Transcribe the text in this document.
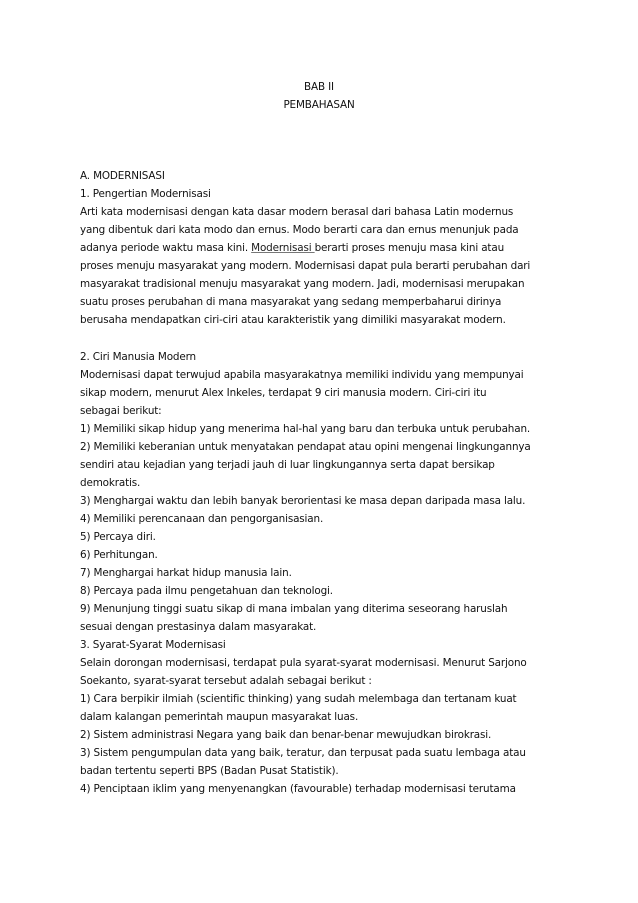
BAB II
PEMBAHASAN
A. MODERNISASI
1. Pengertian Modernisasi
Arti kata modernisasi dengan kata dasar modern berasal dari bahasa Latin modernus
yang dibentuk dari kata modo dan ernus. Modo berarti cara dan ernus menunjuk pada
adanya periode waktu masa kini. Modernisasi berarti proses menuju masa kini atau
proses menuju masyarakat yang modern. Modernisasi dapat pula berarti perubahan dari
masyarakat tradisional menuju masyarakat yang modern. Jadi, modernisasi merupakan
suatu proses perubahan di mana masyarakat yang sedang memperbaharui dirinya
berusaha mendapatkan ciri-ciri atau karakteristik yang dimiliki masyarakat modern.
2. Ciri Manusia Modern
Modernisasi dapat terwujud apabila masyarakatnya memiliki individu yang mempunyai
sikap modern, menurut Alex Inkeles, terdapat 9 ciri manusia modern. Ciri-ciri itu
sebagai berikut:
1) Memiliki sikap hidup yang menerima hal-hal yang baru dan terbuka untuk perubahan.
2) Memiliki keberanian untuk menyatakan pendapat atau opini mengenai lingkungannya
sendiri atau kejadian yang terjadi jauh di luar lingkungannya serta dapat bersikap
demokratis.
3) Menghargai waktu dan lebih banyak berorientasi ke masa depan daripada masa lalu.
4) Memiliki perencanaan dan pengorganisasian.
5) Percaya diri.
6) Perhitungan.
7) Menghargai harkat hidup manusia lain.
8) Percaya pada ilmu pengetahuan dan teknologi.
9) Menunjung tinggi suatu sikap di mana imbalan yang diterima seseorang haruslah
sesuai dengan prestasinya dalam masyarakat.
3. Syarat-Syarat Modernisasi
Selain dorongan modernisasi, terdapat pula syarat-syarat modernisasi. Menurut Sarjono
Soekanto, syarat-syarat tersebut adalah sebagai berikut :
1) Cara berpikir ilmiah (scientific thinking) yang sudah melembaga dan tertanam kuat
dalam kalangan pemerintah maupun masyarakat luas.
2) Sistem administrasi Negara yang baik dan benar-benar mewujudkan birokrasi.
3) Sistem pengumpulan data yang baik, teratur, dan terpusat pada suatu lembaga atau
badan tertentu seperti BPS (Badan Pusat Statistik).
4) Penciptaan iklim yang menyenangkan (favourable) terhadap modernisasi terutama
